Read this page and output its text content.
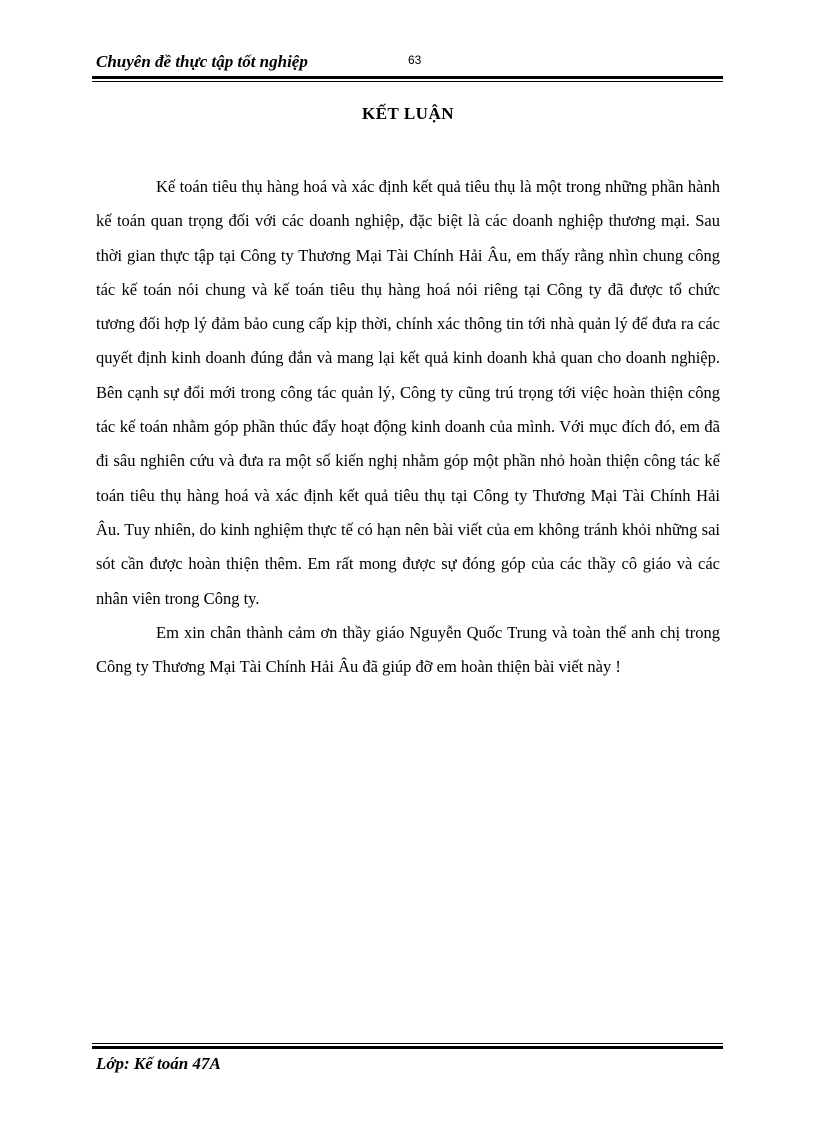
Chuyên đề thực tập tốt nghiệp	63
KẾT LUẬN

Kế toán tiêu thụ hàng hoá và xác định kết quả tiêu thụ là một trong những phần hành kế toán quan trọng đối với các doanh nghiệp, đặc biệt là các doanh nghiệp thương mại. Sau thời gian thực tập tại Công ty Thương Mại Tài Chính Hải Âu, em thấy rằng nhìn chung công tác kế toán nói chung và kế toán tiêu thụ hàng hoá nói riêng tại Công ty đã được tổ chức tương đối hợp lý đảm bảo cung cấp kịp thời, chính xác thông tin tới nhà quản lý để đưa ra các quyết định kinh doanh đúng đắn và mang lại kết quả kinh doanh khả quan cho doanh nghiệp. Bên cạnh sự đổi mới trong công tác quản lý, Công ty cũng trú trọng tới việc hoàn thiện công tác kế toán nhằm góp phần thúc đẩy hoạt động kinh doanh của mình. Với mục đích đó, em đã đi sâu nghiên cứu và đưa ra một số kiến nghị nhằm góp một phần nhỏ hoàn thiện công tác kế toán tiêu thụ hàng hoá và xác định kết quả tiêu thụ tại Công ty Thương Mại Tài Chính Hải Âu. Tuy nhiên, do kinh nghiệm thực tế có hạn nên bài viết của em không tránh khỏi những sai sót cần được hoàn thiện thêm. Em rất mong được sự đóng góp của các thầy cô giáo và các nhân viên trong Công ty.

Em xin chân thành cảm ơn thầy giáo Nguyễn Quốc Trung và toàn thể anh chị trong Công ty Thương Mại Tài Chính Hải Âu đã giúp đỡ em hoàn thiện bài viết này !

Lớp: Kế toán 47A
